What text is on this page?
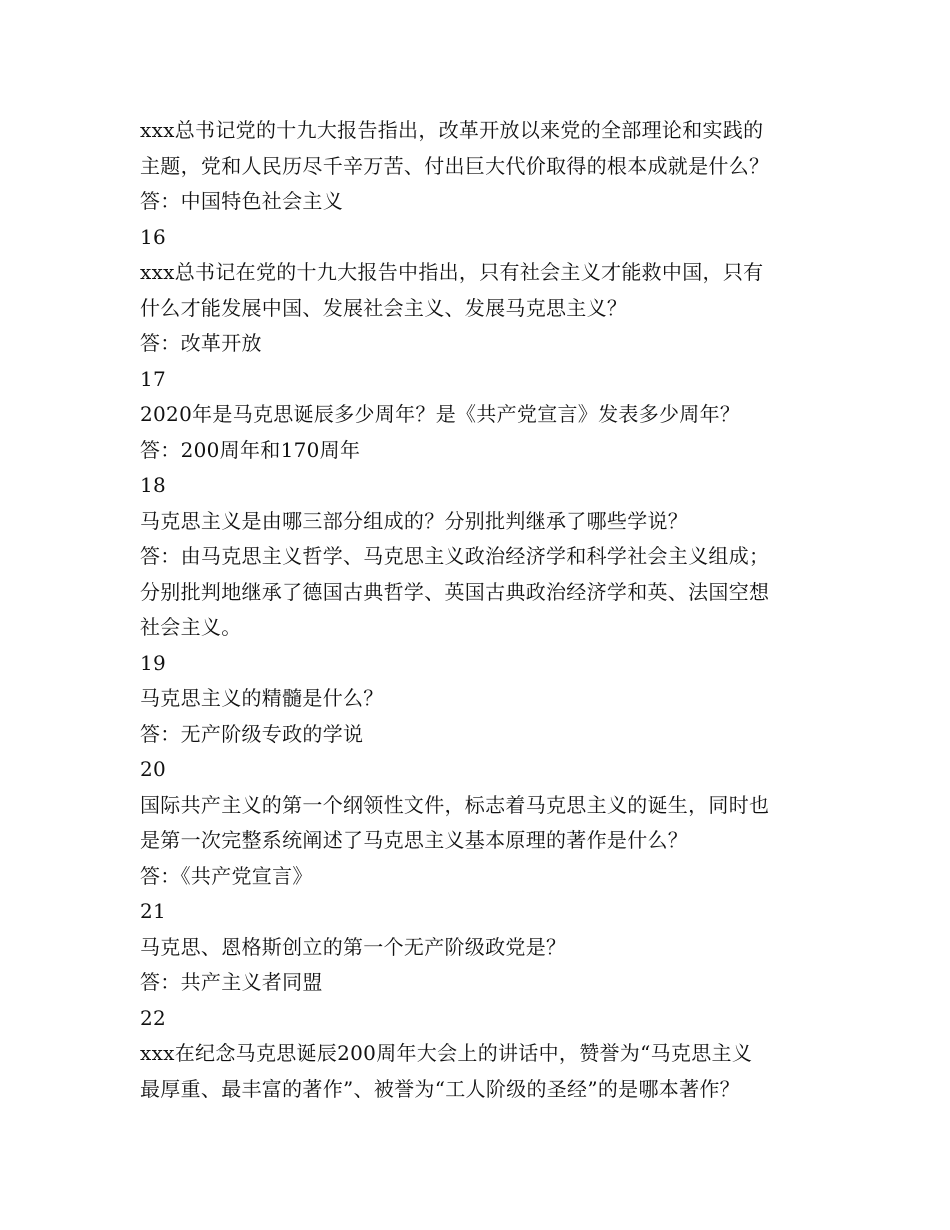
xxx总书记党的十九大报告指出，改革开放以来党的全部理论和实践的
主题，党和人民历尽千辛万苦、付出巨大代价取得的根本成就是什么？
答：中国特色社会主义
16
xxx总书记在党的十九大报告中指出，只有社会主义才能救中国，只有
什么才能发展中国、发展社会主义、发展马克思主义？
答：改革开放
17
2020年是马克思诞辰多少周年？是《共产党宣言》发表多少周年？
答：200周年和170周年
18
马克思主义是由哪三部分组成的？分别批判继承了哪些学说？
答：由马克思主义哲学、马克思主义政治经济学和科学社会主义组成；
分别批判地继承了德国古典哲学、英国古典政治经济学和英、法国空想
社会主义。
19
马克思主义的精髓是什么？
答：无产阶级专政的学说
20
国际共产主义的第一个纲领性文件，标志着马克思主义的诞生，同时也
是第一次完整系统阐述了马克思主义基本原理的著作是什么？
答：《共产党宣言》
21
马克思、恩格斯创立的第一个无产阶级政党是？
答：共产主义者同盟
22
xxx在纪念马克思诞辰200周年大会上的讲话中，赞誉为“马克思主义
最厚重、最丰富的著作”、被誉为“工人阶级的圣经”的是哪本著作？
